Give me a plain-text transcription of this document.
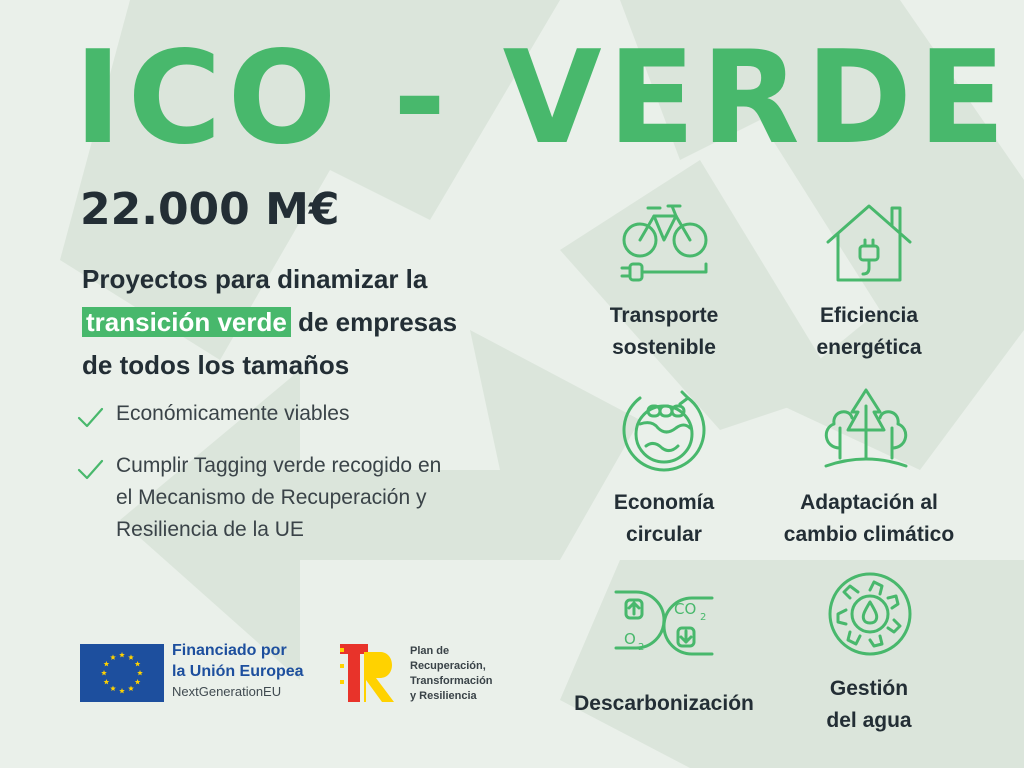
ICO - VERDE
22.000 M€
Proyectos para dinamizar la
transición verde de empresas
de todos los tamaños
Económicamente viables
Cumplir Tagging verde recogido en el Mecanismo de Recuperación y Resiliencia de la UE
CO 2
O 2
Transporte
sostenible
Eficiencia
energética
Economía
circular
Adaptación al
cambio climático
Descarbonización
Gestión
del agua
Financiado por
la Unión Europea
NextGenerationEU
Plan de
Recuperación,
Transformación
y Resiliencia
